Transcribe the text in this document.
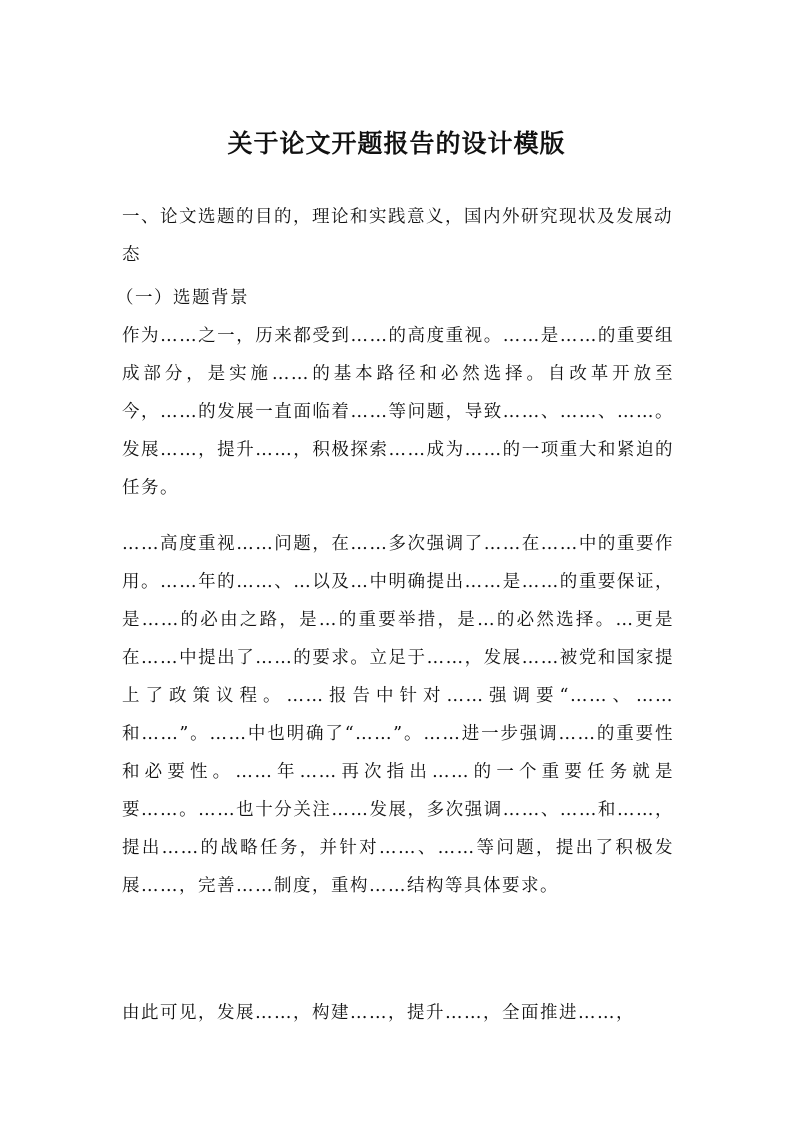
关于论文开题报告的设计模版
一、论文选题的目的，理论和实践意义，国内外研究现状及发展动态
（一）选题背景
作为……之一，历来都受到……的高度重视。……是……的重要组成部分，是实施……的基本路径和必然选择。自改革开放至今，……的发展一直面临着……等问题，导致……、……、……。发展……，提升……，积极探索……成为……的一项重大和紧迫的任务。
……高度重视……问题，在……多次强调了……在……中的重要作用。……年的……、…以及…中明确提出……是……的重要保证，是……的必由之路，是…的重要举措，是…的必然选择。…更是在……中提出了……的要求。立足于……，发展……被党和国家提上了政策议程。……报告中针对……强调要“……、……和……”。……中也明确了“……”。……进一步强调……的重要性和必要性。……年……再次指出……的一个重要任务就是要……。……也十分关注……发展，多次强调……、……和……，提出……的战略任务，并针对……、……等问题，提出了积极发展……，完善……制度，重构……结构等具体要求。
由此可见，发展……，构建……，提升……，全面推进……，
